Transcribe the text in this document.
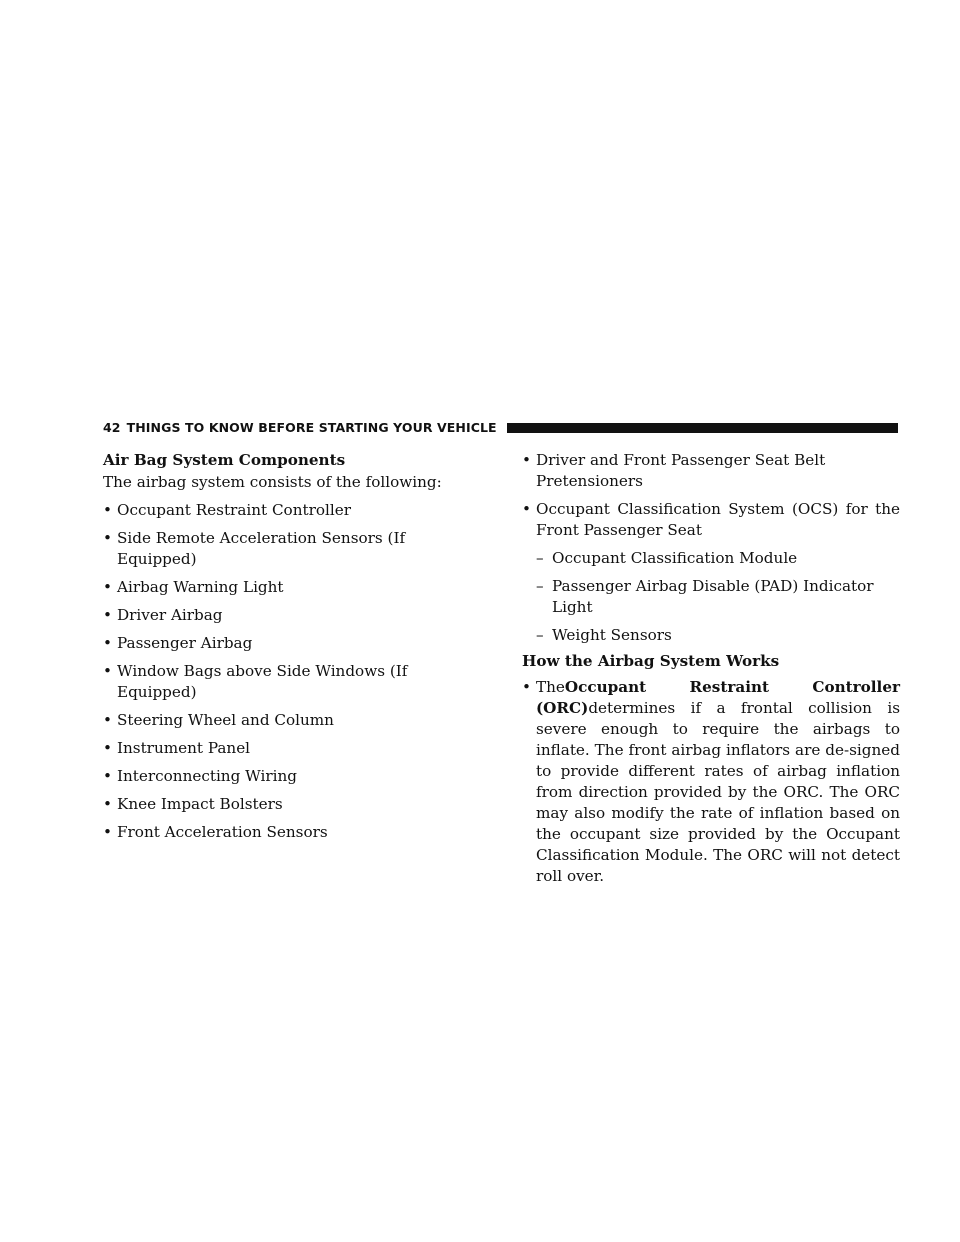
42 THINGS TO KNOW BEFORE STARTING YOUR VEHICLE

Air Bag System Components

The airbag system consists of the following:

• Occupant Restraint Controller
• Side Remote Acceleration Sensors (If Equipped)
• Airbag Warning Light
• Driver Airbag
• Passenger Airbag
• Window Bags above Side Windows (If Equipped)
• Steering Wheel and Column
• Instrument Panel
• Interconnecting Wiring
• Knee Impact Bolsters
• Front Acceleration Sensors
• Driver and Front Passenger Seat Belt Pretensioners
• Occupant Classification System (OCS) for the Front Passenger Seat
– Occupant Classification Module
– Passenger Airbag Disable (PAD) Indicator Light
– Weight Sensors

How the Airbag System Works

• TheOccupant Restraint Controller (ORC)determines if a frontal collision is severe enough to require the airbags to inflate. The front airbag inflators are de-signed to provide different rates of airbag inflation from direction provided by the ORC. The ORC may also modify the rate of inflation based on the occupant size provided by the Occupant Classification Module. The ORC will not detect roll over.
